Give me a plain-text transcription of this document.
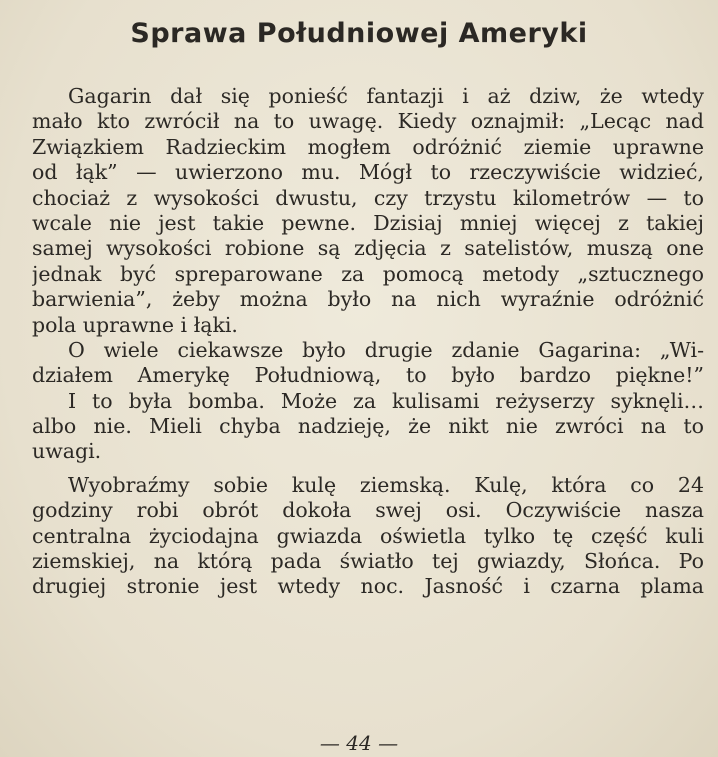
Sprawa Południowej Ameryki
Gagarin dał się ponieść fantazji i aż dziw, że wtedy
mało kto zwrócił na to uwagę. Kiedy oznajmił: „Lecąc nad
Związkiem Radzieckim mogłem odróżnić ziemie uprawne
od łąk” — uwierzono mu. Mógł to rzeczywiście widzieć,
chociaż z wysokości dwustu, czy trzystu kilometrów — to
wcale nie jest takie pewne. Dzisiaj mniej więcej z takiej
samej wysokości robione są zdjęcia z satelistów, muszą one
jednak być spreparowane za pomocą metody „sztucznego
barwienia”, żeby można było na nich wyraźnie odróżnić
pola uprawne i łąki.
O wiele ciekawsze było drugie zdanie Gagarina: „Wi-
działem Amerykę Południową, to było bardzo piękne!”
I to była bomba. Może za kulisami reżyserzy syknęli…
albo nie. Mieli chyba nadzieję, że nikt nie zwróci na to
uwagi.
Wyobraźmy sobie kulę ziemską. Kulę, która co 24
godziny robi obrót dokoła swej osi. Oczywiście nasza
centralna życiodajna gwiazda oświetla tylko tę część kuli
ziemskiej, na którą pada światło tej gwiazdy, Słońca. Po
drugiej stronie jest wtedy noc. Jasność i czarna plama
— 44 —
